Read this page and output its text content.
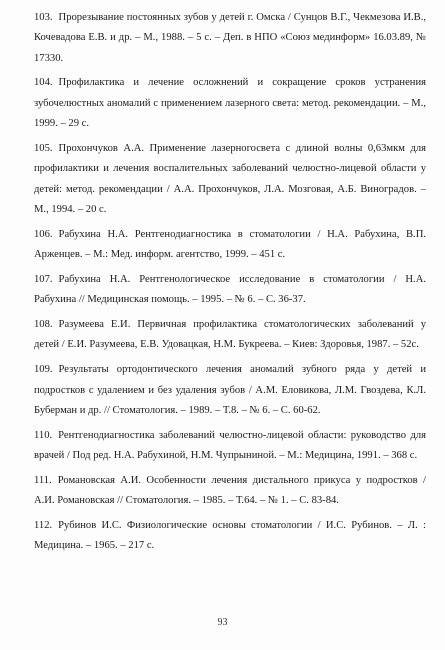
103. Прорезывание постоянных зубов у детей г. Омска / Сунцов В.Г., Чекмезова И.В., Кочевадова Е.В. и др. – М., 1988. – 5 с. – Деп. в НПО «Союз мединформ» 16.03.89, № 17330.
104. Профилактика и лечение осложнений и сокращение сроков устранения зубочелюстных аномалий с применением лазерного света: метод. рекомендации. – М., 1999. – 29 с.
105. Прохончуков А.А. Применение лазерногосвета с длиной волны 0,63мкм для профилактики и лечения воспалительных заболеваний челюстно-лицевой области у детей: метод. рекомендации / А.А. Прохончуков, Л.А. Мозговая, А.Б. Виноградов. – М., 1994. – 20 с.
106. Рабухина Н.А. Рентгенодиагностика в стоматологии / Н.А. Рабухина, В.П. Арженцев. – М.: Мед. информ. агентство, 1999. – 451 с.
107. Рабухина Н.А. Рентгенологическое исследование в стоматологии / Н.А. Рабухина // Медицинская помощь. – 1995. – № 6. – С. 36-37.
108. Разумеева Е.И. Первичная профилактика стоматологических заболеваний у детей / Е.И. Разумеева, Е.В. Удовацкая, Н.М. Букреева. – Киев: Здоровья, 1987. – 52с.
109. Результаты ортодонтического лечения аномалий зубного ряда у детей и подростков с удалением и без удаления зубов / А.М. Еловикова, Л.М. Гвоздева, К.Л. Буберман и др. // Стоматология. – 1989. – Т.8. – № 6. – С. 60-62.
110. Рентгенодиагностика заболеваний челюстно-лицевой области: руководство для врачей / Под ред. Н.А. Рабухиной, Н.М. Чупрыниной. – М.: Медицина, 1991. – 368 с.
111. Романовская А.И. Особенности лечения дистального прикуса у подростков / А.И. Романовская // Стоматология. – 1985. – Т.64. – № 1. – С. 83-84.
112. Рубинов И.С. Физиологические основы стоматологии / И.С. Рубинов. – Л. : Медицина. – 1965. – 217 с.
93
